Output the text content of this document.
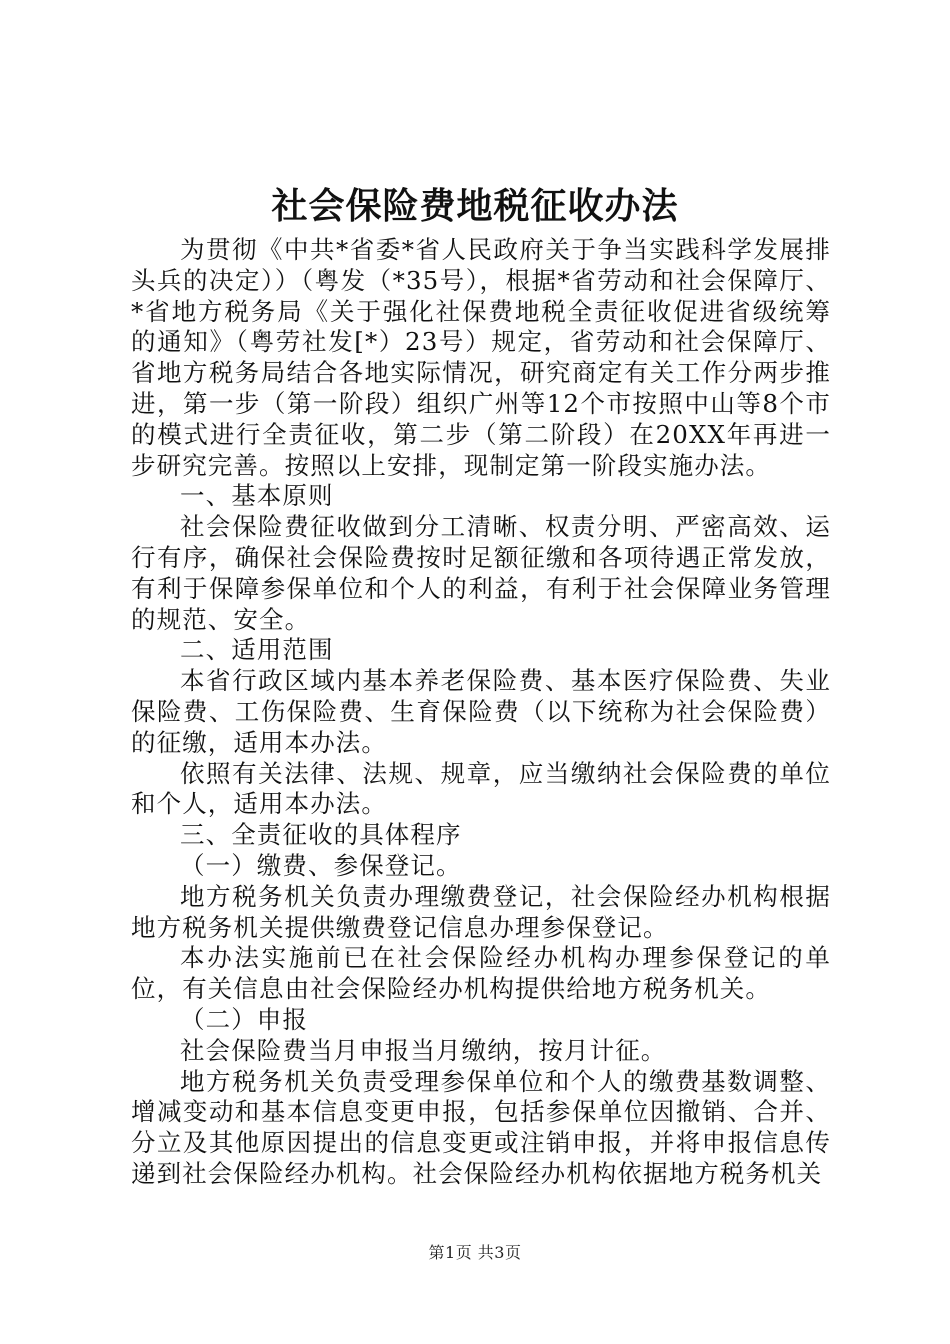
社会保险费地税征收办法

为贯彻《中共*省委*省人民政府关于争当实践科学发展排头兵的决定））（粤发（*35号），根据*省劳动和社会保障厅、*省地方税务局《关于强化社保费地税全责征收促进省级统筹的通知》（粤劳社发[*）23号）规定，省劳动和社会保障厅、省地方税务局结合各地实际情况，研究商定有关工作分两步推进，第一步（第一阶段）组织广州等12个市按照中山等8个市的模式进行全责征收，第二步（第二阶段）在20XX年再进一步研究完善。按照以上安排，现制定第一阶段实施办法。

一、基本原则

社会保险费征收做到分工清晰、权责分明、严密高效、运行有序，确保社会保险费按时足额征缴和各项待遇正常发放，有利于保障参保单位和个人的利益，有利于社会保障业务管理的规范、安全。

二、适用范围

本省行政区域内基本养老保险费、基本医疗保险费、失业保险费、工伤保险费、生育保险费（以下统称为社会保险费）的征缴，适用本办法。

依照有关法律、法规、规章，应当缴纳社会保险费的单位和个人，适用本办法。

三、全责征收的具体程序

（一）缴费、参保登记。

地方税务机关负责办理缴费登记，社会保险经办机构根据地方税务机关提供缴费登记信息办理参保登记。

本办法实施前已在社会保险经办机构办理参保登记的单位，有关信息由社会保险经办机构提供给地方税务机关。

（二）申报

社会保险费当月申报当月缴纳，按月计征。

地方税务机关负责受理参保单位和个人的缴费基数调整、增减变动和基本信息变更申报，包括参保单位因撤销、合并、分立及其他原因提出的信息变更或注销申报，并将申报信息传递到社会保险经办机构。社会保险经办机构依据地方税务机关

第1页 共3页
